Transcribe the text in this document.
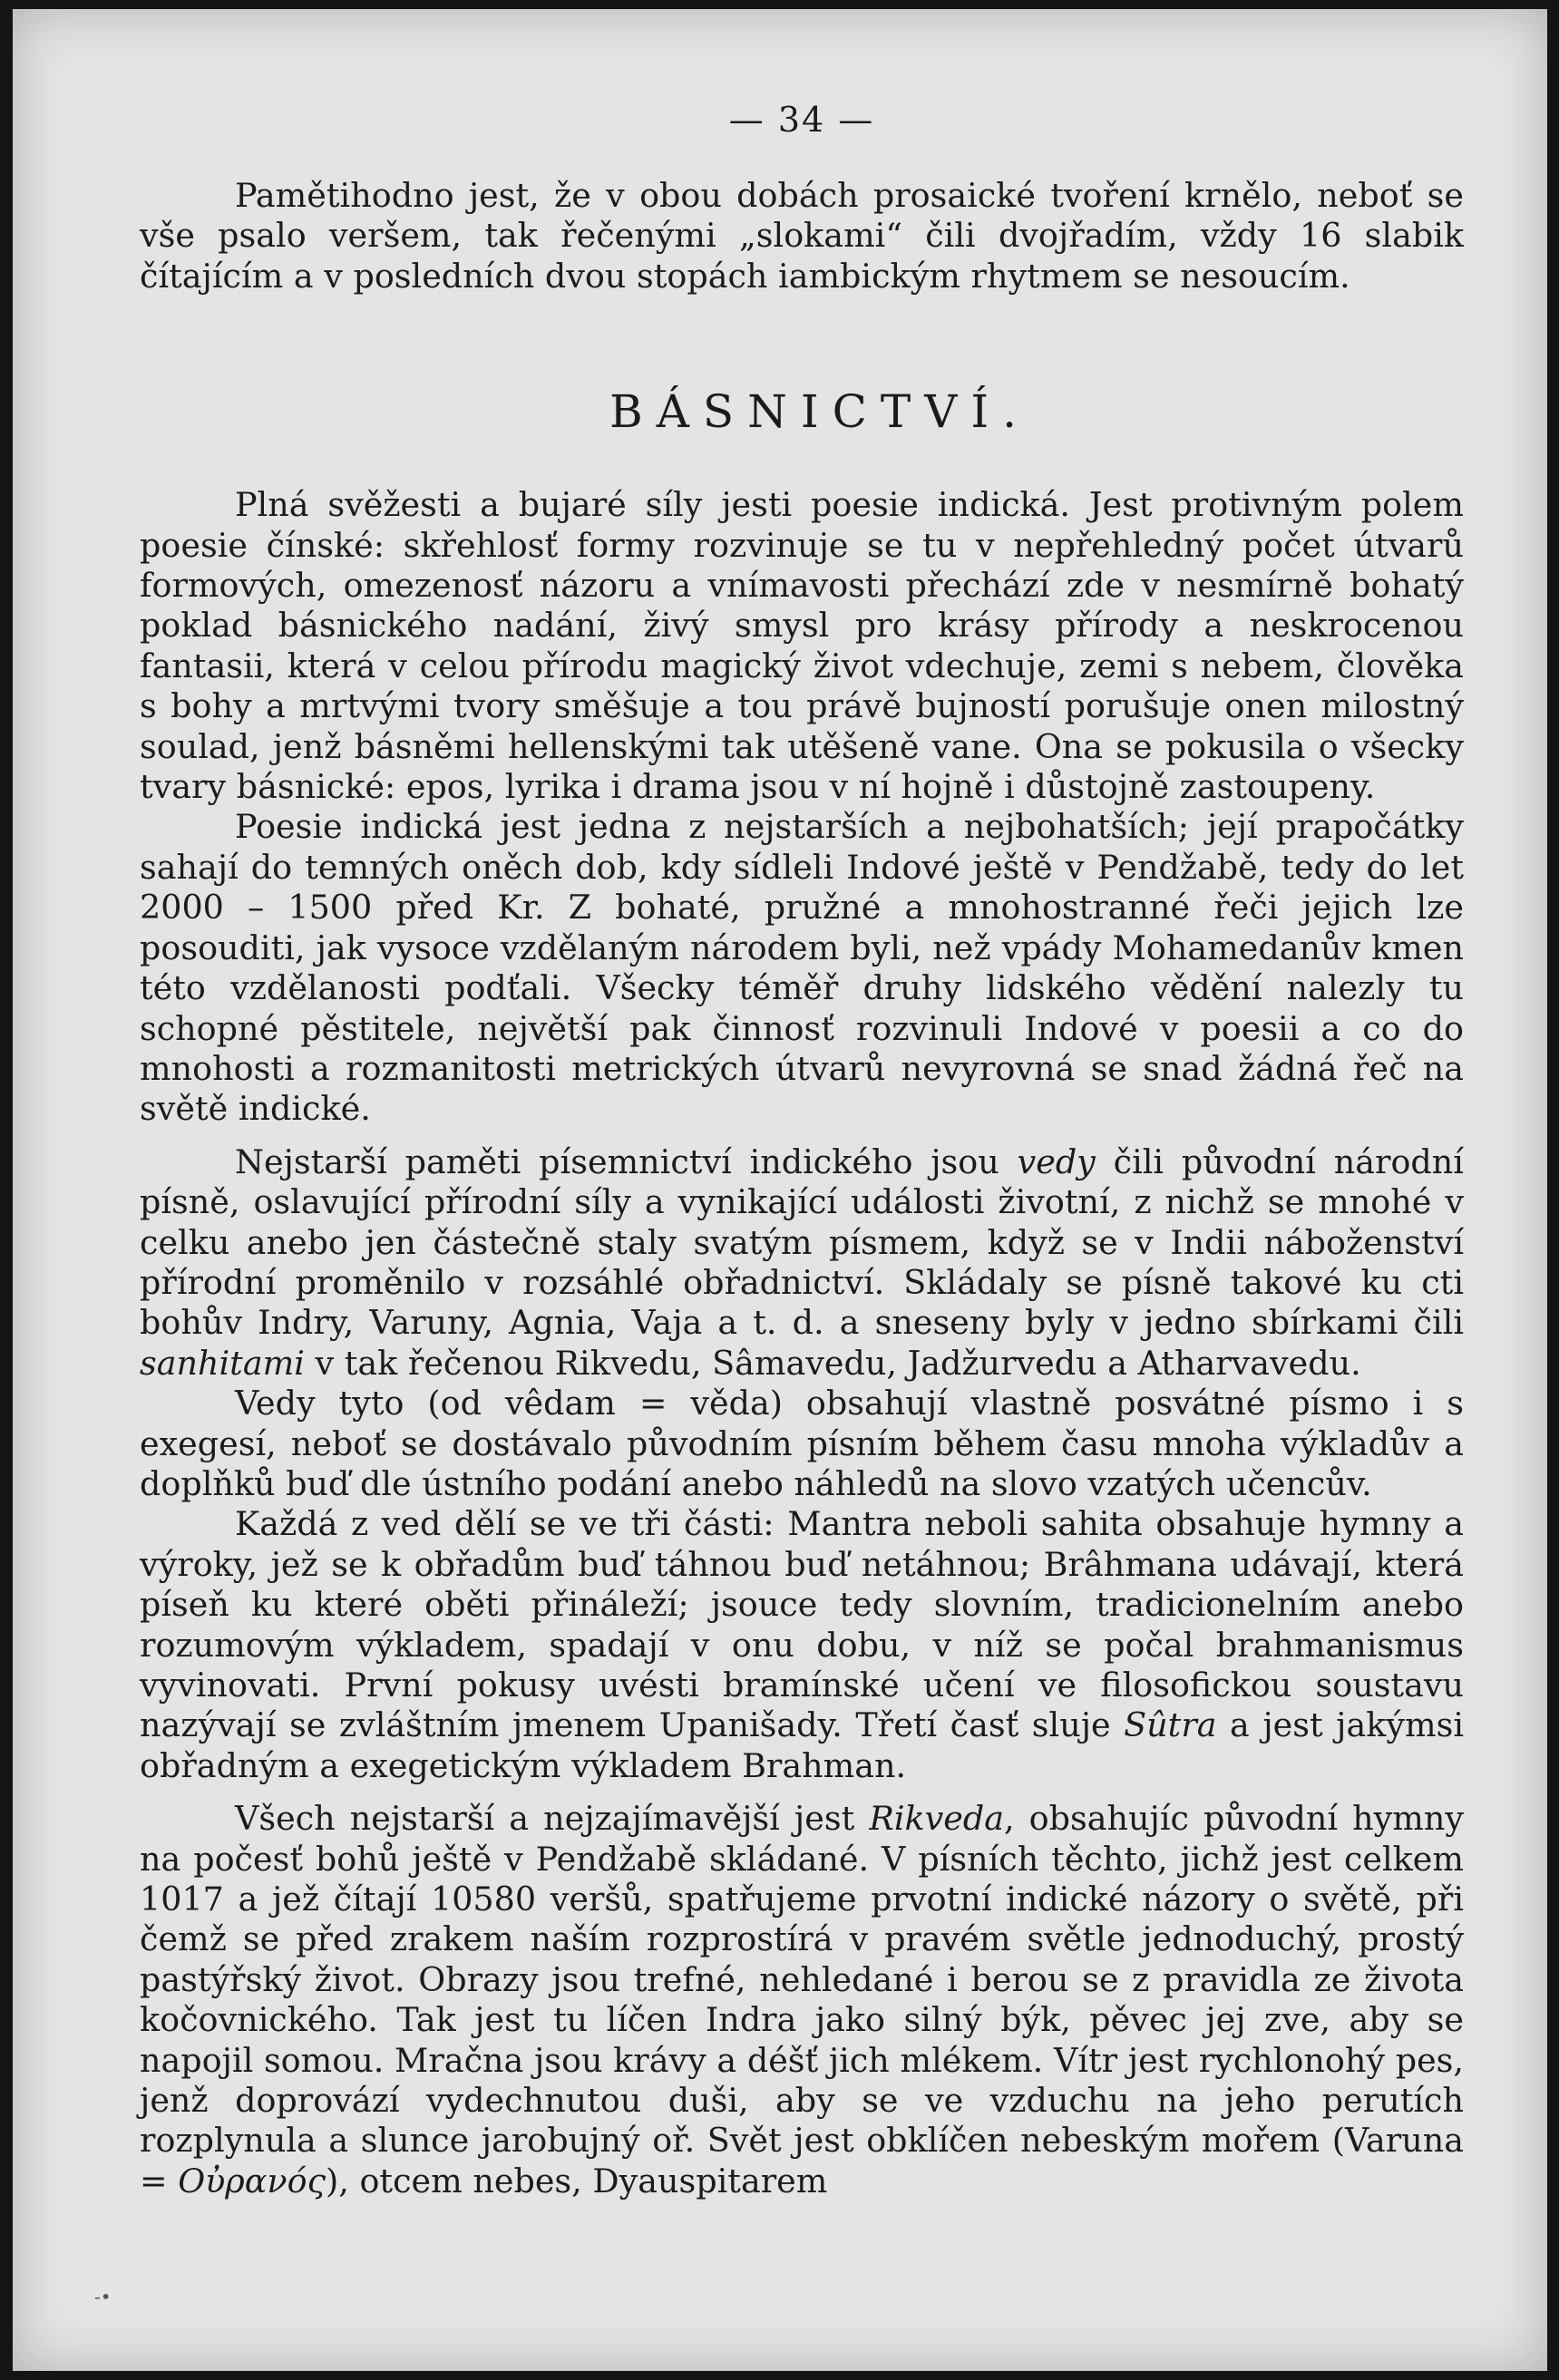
— 34 —

Pamětihodno jest, že v obou dobách prosaické tvoření krnělo, neboť se vše psalo veršem, tak řečenými „slokami“ čili dvojřadím, vždy 16 slabik čítajícím a v posledních dvou stopách iambickým rhytmem se nesoucím.

BÁSNICTVÍ.

Plná svěžesti a bujaré síly jesti poesie indická. Jest protivným polem poesie čínské: skřehlosť formy rozvinuje se tu v nepřehledný počet útvarů formových, omezenosť názoru a vnímavosti přechází zde v nesmírně bohatý poklad básnického nadání, živý smysl pro krásy přírody a neskrocenou fantasii, která v celou přírodu magický život vdechuje, zemi s nebem, člověka s bohy a mrtvými tvory směšuje a tou právě bujností porušuje onen milostný soulad, jenž básněmi hellenskými tak utěšeně vane. Ona se pokusila o všecky tvary básnické: epos, lyrika i drama jsou v ní hojně i důstojně zastoupeny.

Poesie indická jest jedna z nejstarších a nejbohatších; její prapočátky sahají do temných oněch dob, kdy sídleli Indové ještě v Pendžabě, tedy do let 2000 – 1500 před Kr. Z bohaté, pružné a mnohostranné řeči jejich lze posouditi, jak vysoce vzdělaným národem byli, než vpády Mohamedanův kmen této vzdělanosti podťali. Všecky téměř druhy lidského vědění nalezly tu schopné pěstitele, největší pak činnosť rozvinuli Indové v poesii a co do mnohosti a rozmanitosti metrických útvarů nevyrovná se snad žádná řeč na světě indické.

Nejstarší paměti písemnictví indického jsou vedy čili původní národní písně, oslavující přírodní síly a vynikající události životní, z nichž se mnohé v celku anebo jen částečně staly svatým písmem, když se v Indii náboženství přírodní proměnilo v rozsáhlé obřadnictví. Skládaly se písně takové ku cti bohův Indry, Varuny, Agnia, Vaja a t. d. a sneseny byly v jedno sbírkami čili sanhitami v tak řečenou Rikvedu, Sâmavedu, Jadžurvedu a Atharvavedu.

Vedy tyto (od vêdam = věda) obsahují vlastně posvátné písmo i s exegesí, neboť se dostávalo původním písním během času mnoha výkladův a doplňků buď dle ústního podání anebo náhledů na slovo vzatých učencův.

Každá z ved dělí se ve tři části: Mantra neboli sahita obsahuje hymny a výroky, jež se k obřadům buď táhnou buď netáhnou; Brâhmana udávají, která píseň ku které oběti přináleží; jsouce tedy slovním, tradicionelním anebo rozumovým výkladem, spadají v onu dobu, v níž se počal brahmanismus vyvinovati. První pokusy uvésti bramínské učení ve filosofickou soustavu nazývají se zvláštním jmenem Upanišady. Třetí časť sluje Sûtra a jest jakýmsi obřadným a exegetickým výkladem Brahman.

Všech nejstarší a nejzajímavější jest Rikveda, obsahujíc původní hymny na počesť bohů ještě v Pendžabě skládané. V písních těchto, jichž jest celkem 1017 a jež čítají 10580 veršů, spatřujeme prvotní indické názory o světě, při čemž se před zrakem naším rozprostírá v pravém světle jednoduchý, prostý pastýřský život. Obrazy jsou trefné, nehledané i berou se z pravidla ze života kočovnického. Tak jest tu líčen Indra jako silný býk, pěvec jej zve, aby se napojil somou. Mračna jsou krávy a déšť jich mlékem. Vítr jest rychlonohý pes, jenž doprovází vydechnutou duši, aby se ve vzduchu na jeho perutích rozplynula a slunce jarobujný oř. Svět jest obklíčen nebeským mořem (Varuna = Οὐρανός), otcem nebes, Dyauspitarem

-•
